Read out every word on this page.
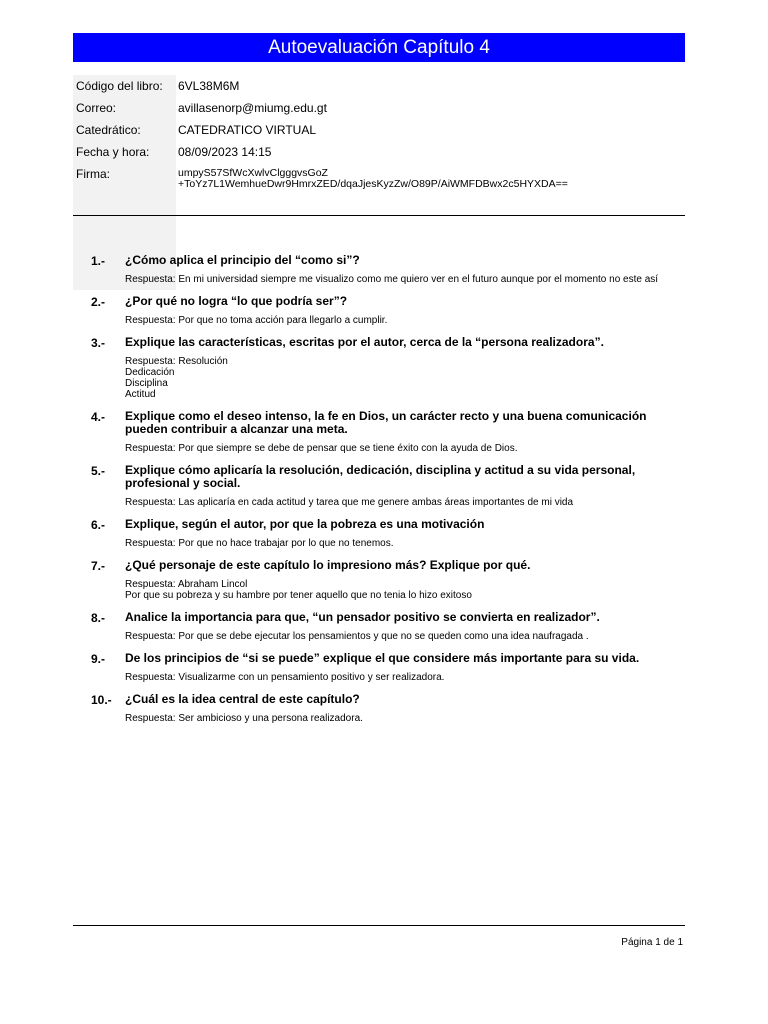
Autoevaluación Capítulo 4
Código del libro:	6VL38M6M
Correo:	avillasenorp@miumg.edu.gt
Catedrático:	CATEDRATICO VIRTUAL
Fecha y hora:	08/09/2023 14:15
Firma:	umpyS57SfWcXwlvClgggvsGoZ
+ToYz7L1WemhueDwr9HmrxZED/dqaJjesKyzZw/O89P/AiWMFDBwx2c5HYXDA==
1.- ¿Cómo aplica el principio del “como si”?
Respuesta: En mi universidad siempre me visualizo como me quiero ver en el futuro aunque por el momento no este así
2.- ¿Por qué no logra “lo que podría ser”?
Respuesta: Por que no toma acción para llegarlo a cumplir.
3.- Explique las características, escritas por el autor, cerca de la “persona realizadora”.
Respuesta: Resolución
Dedicación
Disciplina
Actitud
4.- Explique como el deseo intenso, la fe en Dios, un carácter recto y una buena comunicación pueden contribuir a alcanzar una meta.
Respuesta: Por que siempre se debe de pensar que se tiene éxito con la ayuda de Dios.
5.- Explique cómo aplicaría la resolución, dedicación, disciplina y actitud a su vida personal, profesional y social.
Respuesta: Las aplicaría en cada actitud y tarea que me genere ambas áreas importantes de mi vida
6.- Explique, según el autor, por que la pobreza es una motivación
Respuesta: Por que no hace trabajar por lo que no tenemos.
7.- ¿Qué personaje de este capítulo lo impresiono más? Explique por qué.
Respuesta: Abraham Lincol
Por que su pobreza y su hambre por tener aquello que no tenia lo hizo exitoso
8.- Analice la importancia para que, “un pensador positivo se convierta en realizador”.
Respuesta: Por que se debe ejecutar los pensamientos y que no se queden como una idea naufragada .
9.- De los principios de “si se puede” explique el que considere más importante para su vida.
Respuesta: Visualizarme con un pensamiento positivo y ser realizadora.
10.- ¿Cuál es la idea central de este capítulo?
Respuesta: Ser ambicioso y una persona realizadora.
Página 1 de 1
